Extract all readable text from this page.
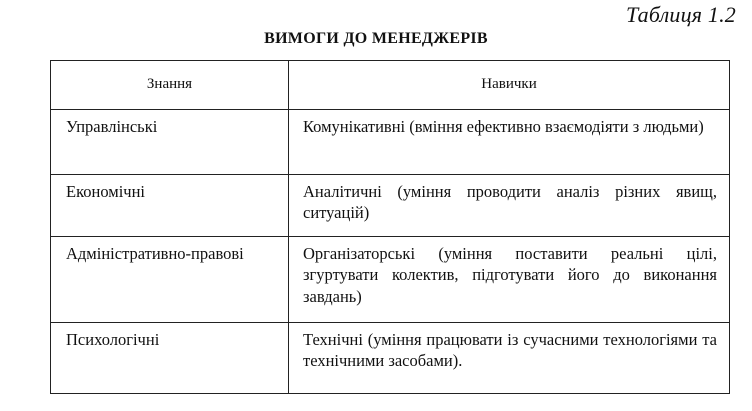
Таблиця 1.2
ВИМОГИ ДО МЕНЕДЖЕРІВ
Знання	Навички
Управлінські	Комунікативні (вміння ефективно взаємодіяти з людьми)
Економічні	Аналітичні (уміння проводити аналіз різних явищ, ситуацій)
Адміністративно-правові	Організаторські (уміння поставити реальні цілі, згуртувати колектив, підготувати його до виконання завдань)
Психологічні	Технічні (уміння працювати із сучасними технологіями та технічними засобами).
